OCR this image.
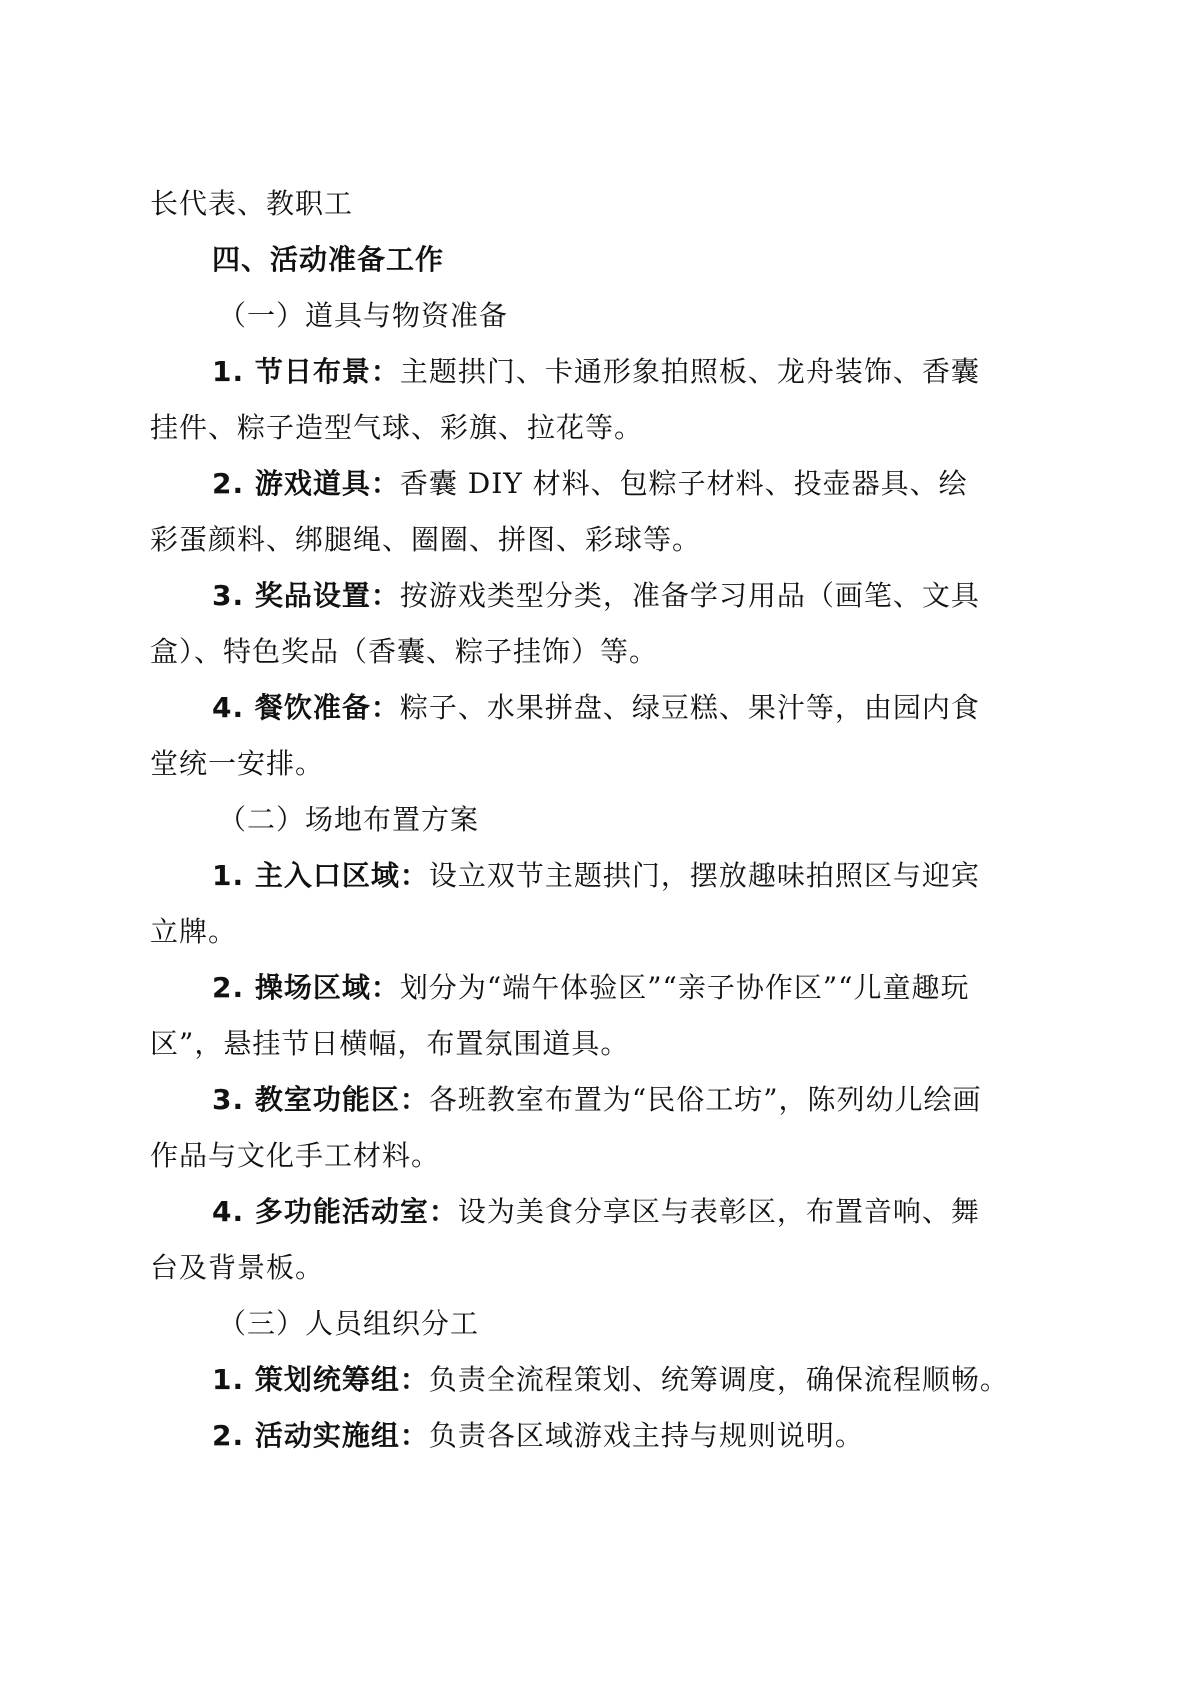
长代表、教职工
四、活动准备工作
（一）道具与物资准备
1. 节日布景：主题拱门、卡通形象拍照板、龙舟装饰、香囊
挂件、粽子造型气球、彩旗、拉花等。
2. 游戏道具：香囊 DIY 材料、包粽子材料、投壶器具、绘
彩蛋颜料、绑腿绳、圈圈、拼图、彩球等。
3. 奖品设置：按游戏类型分类，准备学习用品（画笔、文具
盒）、特色奖品（香囊、粽子挂饰）等。
4. 餐饮准备：粽子、水果拼盘、绿豆糕、果汁等，由园内食
堂统一安排。
（二）场地布置方案
1. 主入口区域：设立双节主题拱门，摆放趣味拍照区与迎宾
立牌。
2. 操场区域：划分为“端午体验区”“亲子协作区”“儿童趣玩
区”，悬挂节日横幅，布置氛围道具。
3. 教室功能区：各班教室布置为“民俗工坊”，陈列幼儿绘画
作品与文化手工材料。
4. 多功能活动室：设为美食分享区与表彰区，布置音响、舞
台及背景板。
（三）人员组织分工
1. 策划统筹组：负责全流程策划、统筹调度，确保流程顺畅。
2. 活动实施组：负责各区域游戏主持与规则说明。
